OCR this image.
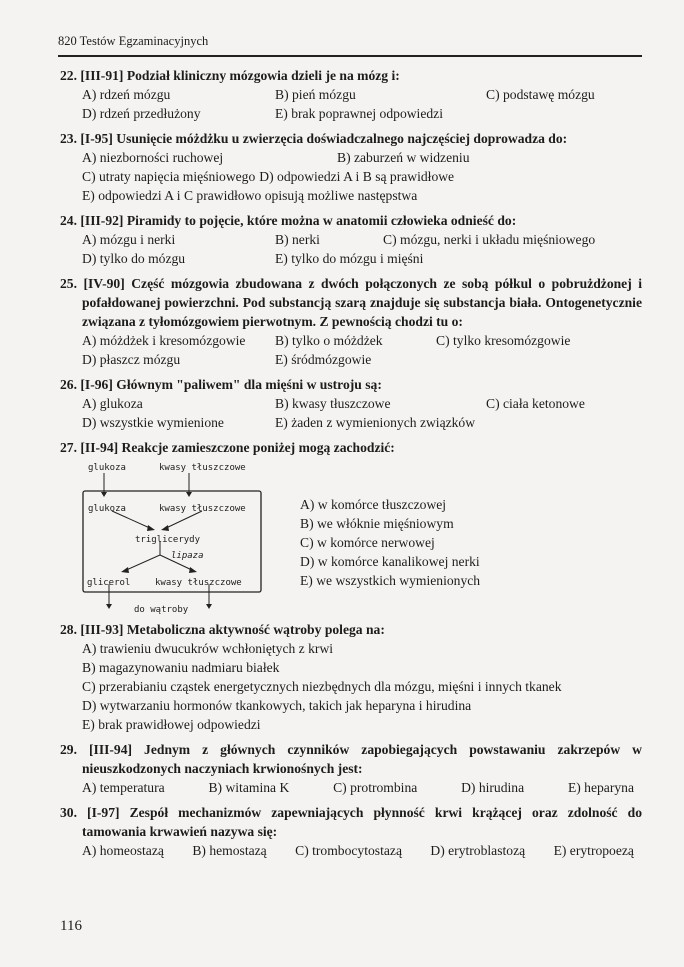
820 Testów Egzaminacyjnych
22. [III-91] Podział kliniczny mózgowia dzieli je na mózg i:
A) rdzeń mózgu	B) pień mózgu	C) podstawę mózgu
D) rdzeń przedłużony	E) brak poprawnej odpowiedzi
23. [I-95] Usunięcie móżdżku u zwierzęcia doświadczalnego najczęściej doprowadza do:
A) niezborności ruchowej	B) zaburzeń w widzeniu
C) utraty napięcia mięśniowego D) odpowiedzi A i B są prawidłowe
E) odpowiedzi A i C prawidłowo opisują możliwe następstwa
24. [III-92] Piramidy to pojęcie, które można w anatomii człowieka odnieść do:
A) mózgu i nerki	B) nerki	C) mózgu, nerki i układu mięśniowego
D) tylko do mózgu	E) tylko do mózgu i mięśni
25. [IV-90] Część mózgowia zbudowana z dwóch połączonych ze sobą półkul o pobrużdżonej i pofałdowanej powierzchni. Pod substancją szarą znajduje się substancja biała. Ontogenetycznie związana z tyłomózgowiem pierwotnym. Z pewnością chodzi tu o:
A) móżdżek i kresomózgowie	B) tylko o móżdżek	C) tylko kresomózgowie
D) płaszcz mózgu	E) śródmózgowie
26. [I-96] Głównym "paliwem" dla mięśni w ustroju są:
A) glukoza	B) kwasy tłuszczowe	C) ciała ketonowe
D) wszystkie wymienione	E) żaden z wymienionych związków
27. [II-94] Reakcje zamieszczone poniżej mogą zachodzić:
glukoza	kwasy tłuszczowe
glukoza	kwasy tłuszczowe
triglicerydy
lipaza
glicerol	kwasy tłuszczowe
do wątroby
A) w komórce tłuszczowej
B) we włóknie mięśniowym
C) w komórce nerwowej
D) w komórce kanalikowej nerki
E) we wszystkich wymienionych
28. [III-93] Metaboliczna aktywność wątroby polega na:
A) trawieniu dwucukrów wchłoniętych z krwi
B) magazynowaniu nadmiaru białek
C) przerabianiu cząstek energetycznych niezbędnych dla mózgu, mięśni i innych tkanek
D) wytwarzaniu hormonów tkankowych, takich jak heparyna i hirudina
E) brak prawidłowej odpowiedzi
29. [III-94] Jednym z głównych czynników zapobiegających powstawaniu zakrzepów w nieuszkodzonych naczyniach krwionośnych jest:
A) temperatura	B) witamina K	C) protrombina	D) hirudina	E) heparyna
30. [I-97] Zespół mechanizmów zapewniających płynność krwi krążącej oraz zdolność do tamowania krwawień nazywa się:
A) homeostazą B) hemostazą C) trombocytostazą D) erytroblastozą E) erytropoezą
116
